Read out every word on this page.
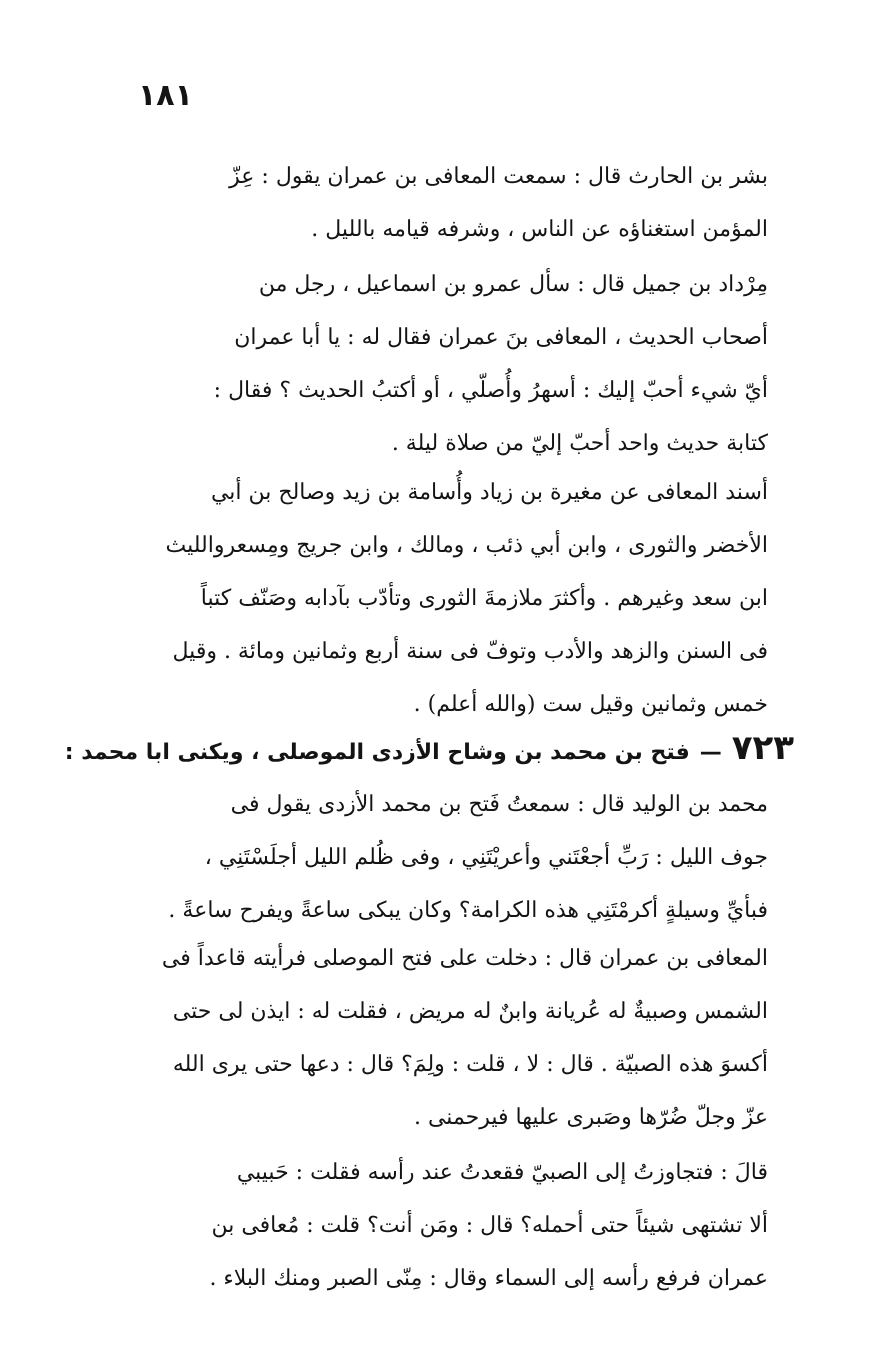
١٨١
بشر بن الحارث قال : سمعت المعافى بن عمران يقول : عِزّ
المؤمن استغناؤه عن الناس ، وشرفه قيامه بالليل .
مِرْداد بن جميل قال : سأل عمرو بن اسماعيل ، رجل من
أصحاب الحديث ، المعافى بنَ عمران فقال له : يا أبا عمران
أيّ شيء أحبّ إليك : أسهرُ وأُصلّي ، أو أكتبُ الحديث ؟ فقال :
كتابة حديث واحد أحبّ إليّ من صلاة ليلة .
أسند المعافى عن مغيرة بن زياد وأُسامة بن زيد وصالح بن أبي
الأخضر والثورى ، وابن أبي ذئب ، ومالك ، وابن جريج ومِسعروالليث
ابن سعد وغيرهم . وأكثرَ ملازمةَ الثورى وتأدّب بآدابه وصَنّف كتباً
فى السنن والزهد والأدب وتوفّ فى سنة أربع وثمانين ومائة . وقيل
خمس وثمانين وقيل ست (والله أعلم) .
٧٢٣—فتح بن محمد بن وشاح الأزدى الموصلى ، ويكنى ابا محمد :
محمد بن الوليد قال : سمعتُ فَتح بن محمد الأزدى يقول فى
جوف الليل : رَبِّ أجعْتَني وأعريْتَنِي ، وفى ظُلم الليل أجلَسْتَنِي ،
فبأيِّ وسيلةٍ أكرمْتَنِي هذه الكرامة؟ وكان يبكى ساعةً ويفرح ساعةً .
المعافى بن عمران قال : دخلت على فتح الموصلى فرأيته قاعداً فى
الشمس وصبيةٌ له عُريانة وابنٌ له مريض ، فقلت له : ايذن لى حتى
أكسوَ هذه الصبيّة . قال : لا ، قلت : ولِمَ؟ قال : دعها حتى يرى الله
عزّ وجلّ ضُرّها وصَبرى عليها فيرحمنى .
قالَ : فتجاوزتُ إلى الصبيّ فقعدتُ عند رأسه فقلت : حَبيبي
ألا تشتهى شيئاً حتى أحمله؟ قال : ومَن أنت؟ قلت : مُعافى بن
عمران فرفع رأسه إلى السماء وقال : مِنّى الصبر ومنك البلاء .
